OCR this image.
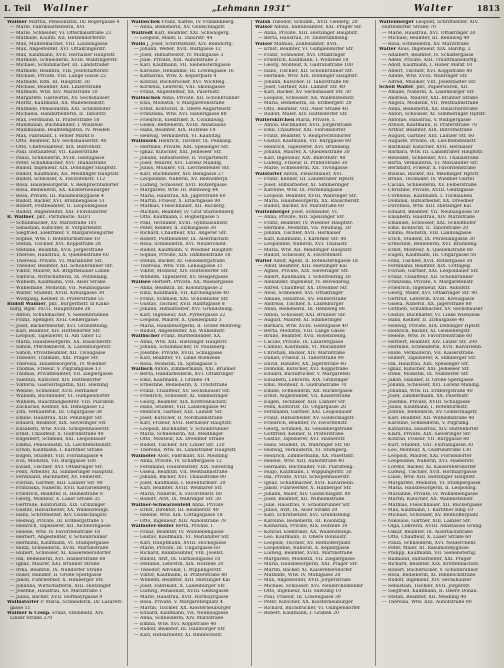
I. Teil Wallner	„Lehmann 1931“	Walter	1813
Wallner Martha, Pensionistin, IX/ Rögergasse 4
— Marie, Fabriksarbeiterin, XVI.
— Marie, Schneider, VI. Otterhalsstraße 23
— Mathilde, Kaufm. XII. Hetzendorferstr.
— Max, Mantelmacher, VIII. Laudongasse
— Max, Angestellter, XVI. Ottakringerstr.
— Max, Kaufmann, XVII. Hernalser Hauptstr.
— Mathilde, Schneiderin, XVIII. Währingerstr.
— Michael, Schuhmacher, III. Landstraßer
— Mathilde, Beamtin, VIII. Josefstädterstr.
— Michael, Private, VIII. Lange Gasse 22
— Mathilde, Kfm. III. Hauptstr. 30
— Michael, Beamter, XIII. Linzerstraße
— Mathilde, Wtw. XIV. Märzstraße 10
— Margarete, Gastwirtin, XV. Sechshauser
— Moritz, Kaufmann, XX. Wallensteinstr.
— Mathilde, Pensionistin, XXI. Schloßhofer
— Michaela, Handarbeiterin, II. Taborstr.
— Max, Ferdinand, II. Praterstraße 18
— Maximilian, Buchhändler, I. Wollzeile
— Maximiliane, Beamtengattin, IV. Wieden
— Max, Fabrikant, I. Hoher Markt 8
— Otto, Beamter, XIV. Sechshauserstr. 40
— Otto, Chefredakteur, XIX. Billrothstr.
— Paul, Installateur, VII. Kaiserstraße
— Paula, Schneiderin, XVIII. Gentzgasse
— Peter, Schuhmacher, XVI. Thaliastraße
— Rudolf, Ingenieur, XIX. Döblinger Hauptstr.
— Rudolf, Kaufmann, XII. Meidlinger Hauptstr.
— Rudolf, Schlosser, X. Favoritenstr. 112
— Rosa, Hausbesorgerin, V. Reinprechtsdorfer
— Rosa, Bedienerin, XX. Klosterneuburger
— Rosa, Private, III. Rasumofskygasse 4
— Rudolf, Bäcker, XVI. Brunnengasse 51
— Robert, Postbeamter, II. Leopoldsgasse
— Rudolf, Angestellter, XXI. Floridsdorfer
R. Wallner, pkr., Parfümerie, XIII/1
— Schuhmacher, XV. Märzstraße 101
— Sebastian, Kutscher, II. Vorgartenstr.
— Siegfried, Elektriker, V. Margaretengürtel
— Sophie, Wtw. I. Rotenturmstraße 10
— Stefan, Tischler, XVI. Koppstraße 28
— Stefanie, Beamtin, XVII. Jörgerstraße
— Therese, Hausfrau, X. Quellenstraße 60
— Theresia, Private, VI. Mariahilfer Str.
— Theodor, Beamter, XII. Schönbrunner Str.
— Viktor, Maurer, XX. Brigittenauer Lände
— Viktoria, Wirtschafterin, IX. Porzellang.
— Wilhelm, Kaufmann, VIII. Alser Straße
— Wilhelmine, Modistin, VII. Neubaugasse
— Walter, Student, XVIII. Kreuzgasse 30
— Wolfgang, Kellner, II. Praterstraße 55
Rudolf Wallner, pkr., Bürgermstr. in Kalks-
burg, Bgld. 30/31, Hauptstraße 26
— Anton, Schuhmacher, V. Siebenbrunnen
— Franz, Spengler, XVII. Geblergasse
— Josef, Bäckermeister, XVI. Grundsteing.
— Karl, Beamter, XIV. Hütteldorfer Str.
— Leopold, Tapezierer, II. Am Tabor 12
— Maria, Hausbesorgerin, XX. Rauscherstr.
— Simon, Pferdeknecht, X. Laxenburgerstr.
— Simon, Privatbeamter, XII. Tivoligasse
— Theodor, Trafikant, XXI. Prager Str.
— Theresia, Hausbesorgerin, IV. Wiedner
— Thomas, Friseur, V. Pilgramgasse 13
— Thomas, Privatbeamter, VII. Zieglergasse
— Valentin, Kutscher, XIV. Hütteldorfer
— Viktoria, Gastwirtsgattin, XIII. Hietzing
— Wenzel, Schneider, XVII. Hernalser
— Wilhelm, Buchbinder, VI. Gumpendorfer
— Wilhelm, Rauchfangkehrer, VIII. Piaristen
— Zacharias, Kellner, XX. Denisgasse 12
— Zita, Verkäuferin, III. Ungargasse 38
— Emilie, Hausfrau, XIII. Penzinger Str.
— Eduard, Beamter, XIX. Sieveringer Str.
— Elisabeth, Wtw. XVIII. Schopenhauerstr.
— Ernst, Chauffeur, X. Gudrunstraße 40
— Engelbert, Schmied, XXI. Leopoldauer
— Emma, Pensionistin, IX. Liechtensteinstr.
— Erwin, Kaufmann, I. Kärntner Straße
— Eugen, Student, VIII. Florianigasse 4
— Eva, Modistin, VII. Burggasse 100
— Ewald, Tischler, XVI. Ottakringer Str.
— Felix, Arbeiter, XI. Simmeringer Hauptstr.
— Ferdinand, Buchhalter, XV. Felberstr.
— Florian, Gärtner, XIII. Lainzer Str. 90
— Franziska, Näherin, XVII. Kalvarienberg
— Friedrich, Beamter, II. Heinestraße 8
— Georg, Monteur, X. Laaer Straße 35
— Gertrude, Kontoristin, XIX. Grinzinger
— Gustav, Hilfsarbeiter, XX. Wallensteinpl.
— Hans, Schriftsetzer, XIV. Goldschlagstr.
— Hedwig, Private, III. Erdbergstraße 5
— Heinrich, Tapezierer, XII. Aichhorngasse
— Helene, Wtw. IV. Favoritenstraße 18
— Herbert, Angestellter, V. Schönbrunner
— Hermann, Kaufmann, VI. Stumpergasse
— Hilda, Schneiderin, XVIII. Martinstraße
— Hubert, Schlosser, XI. Kaiserebersdorfer
— Ida, Bedienerin, XVI. Hasnerstraße 60
— Ignaz, Maurer, XXI. Brünner Straße
— Irma, Beamtin, IX. Nußdorfer Straße
— Isidor, Händler, II. Große Sperlgasse
— Jakob, Fuhrwerker, X. Himberger Str.
— Johanna, Wirtschafterin, XIII. Hietzinger
— Josefine, Hausfrau, XV. Märzstraße 1
— Julius, Bäcker, XVII. Hormayrgasse 9
Wallnstorfer P. Maria, Schneiderin, IX/ Lazarett-
gasse 11
Wallner & Comp. Franz, Steinmetz, XIV.
Linzer Straße 270
Walloschek Franz, Kaffee, IV. Frankenberg.
— Anna, Bedienerin, XV. Goldschlagstr.
Wallrodt Karl, Beamter, XXI. Schwaigerg.
— Leopold, Maler, II. Taborstr. 44
Wallo J. Josef, Schriftsetzer, XIV. Reindorfg.
— Johann, Weber, XVII. Wattgasse 12
— Josef, Hilfsarbeiter, IV. Mühlgasse 3
— Julie, Private, XIII. Auhofstraße 2
— Karl, Kaufmann, VII. Siebensterngasse
— Karoline, Hebamme, III. Löwengasse 16
— Katharina, Wtw. X. Keplerplatz 4
— Konrad, Buchdrucker, XVI. Wichtelg.
— Kornelia, Lehrerin, VIII. Skodagasse
— Franz, Angestellter, XX. Pasettistr.
Walluschek Anna, Private, XII. Schönbrunner
— Elsa, Modistin, V. Margaretenstraße
— Ernst, Kontorist, II. Obere Augartenstr.
— Franziska, Wtw. XVI. Haberlgasse 88
— Friedrich, Elektriker, X. Columbusg.
— Gisela, Bedienerin, XVIII. Anastasius
— Hans, Beamter, XIX. Hofzeile 14
— Hedwig, Verkäuferin, VI. Kaunitzg.
Walluszek Heinrich, Tischler, IX. Pelikang.
— Hermine, Private, XIII. Speisinger Str.
— Ignaz, Kutscher, XXI. Jedleseer Str.
— Johann, Hilfsarbeiter, II. Vorgartenstr.
— Josef, Maurer, XVI. Lorenz Mandlg.
— Julius, Musiker, VII. Lerchenfelder Str.
— Karl, Buchbinder, XIV. Beingasse 27
— Leopoldine, Näherin, XV. Reithofferpl.
— Ludwig, Schlosser, XVII. Rötzergasse
— Margarete, Wtw. III. Rennweg 44
— Maria, Hausfrau, XX. Jägerstraße 60
— Martin, Friseur, X. Erlachgasse 90
— Mathias, Fleischhauer, XII. Ruckerg.
— Michael, Beamter, IV. Graf Starhemberg
— Otto, Kaufmann, I. Bognergasse 5
— Paul, Techniker, XVIII. Gymnasiumstr.
— Peter, Kellner, II. Zirkusgasse 30
— Richard, Chauffeur, XXI. Angerer Str.
— Robert, Postbeamter, IX. Alserbachstr.
— Rosa, Schneiderin, XVI. Neulerchenf.
— Rudolf, Kaufmann, V. Wiedner Hauptstr.
— Sophie, Private, XIX. Himmelstraße 18
— Stefan, Bäcker, XI. Geiselbergstraße
— Theresia, Wtw. VIII. Lenaugasse 11
— Viktor, Monteur, XIV. Hütteldorfer Str.
— Wilhelm, Tapezierer, XV. Stiegergasse
Wallsee Herbert, Private, XX. Wasnergasse
— Anna, Beamtin, III. Kolonitzgasse 2
— Emil, Kaufmann, VII. Kirchengasse 40
— Franz, Schmied, XXI. Schloßhofer Str.
— Gustav, Tischler, XVII. Ranftlgasse 8
— Johann, Hilfsarbeiter, XVI. Grundsteing.
— Karl, Ingenieur, XIX. Pyrkergasse 22
— Leopold, Maurer, X. Quellenplatz 3
— Maria, Hausbesorgerin, II. Große Mohreng.
— Rudolf, Angestellter, XII. Wilhelmstr.
Wallfischer Franz, Bürstenbinder, XX.
— Anna, Wtw. XIII. Hietzinger Hauptstr.
— Johann, Schuhmacher, IV. Paulanerg.
— Josefine, Private, XVIII. Schulgasse
— Karl, Beamter, VI. Linke Wienzeile
— Rosa, Modistin, IX. Spitalgasse 5
Wallisch Anton, Zimmermann, XXI. Brünner
— Berta, Handarbeiterin, XVI. Ottakringer
— Emil, Kaufmann, I. Graben 14
— Ernestine, Bedienerin, X. Troststraße
— Franz, Chauffeur, XV. Sechshauser Str.
— Friedrich, Schlosser, XI. Simmeringer
— Georg, Beamter, XIX. Krottenbachstr.
— Hans, Student, VIII. Laudongasse 40
— Heinrich, Gärtner, XIII. Lainzer Str.
— Josef, Kutscher, II. Nordbahnstraße
— Karl, Friseur, XVII. Hernalser Hauptstr.
— Leopold, Buchhalter, V. Schönbrunner
— Maria, Schneiderin, XII. Meidlinger
— Otto, Monteur, XX. Dresdner Straße
— Rudolf, Tischler, XIV. Linzer Str. 120
— Theresia, Wtw. III. Landstraßer Hauptstr.
Wallnöfer Alois, Fabrikant, XII. Meidling
— Anna, Private, IV. Schäffergasse 12
— Ferdinand, Hausbesitzer, XIX. Sievering
— Gisela, Beamtin, VII. Westbahnstraße
— Johann, Bäcker, XVI. Thaliastraße 80
— Josef, Kaufmann, I. Rotenturmstr. 20
— Karl, Beamter, XVIII. Weimarer Str.
— Maria, Näherin, X. Favoritenstr. 60
— Robert, Arzt, IX. Währinger Str. 30
Wallner-Schwarzenfeld Anna, Private
— Ernst, Direktor, III. Reisnerstr. 40
— Helene, Wtw. XIX. Cottagegasse 18
— Otto, Ingenieur, XIII. Auhofstraße 78
Wallnöfer-Heller Berta, Private, I.
— Franz, Beamter, IV. Wohllebengasse
— Gustav, Kaufmann, VI. Mariahilfer Str.
— Karl, Hauptmann, XVIII. Hockegasse
— Marie, Private, III. Ungargasse 60
— Richard, Bankbeamter, VIII. Josefst.
— Rudolf, Arzt, IX. Garnisongasse 10
— Stefanie, Lehrerin, XIX. Hofzeile 20
— Theodor, Advokat, I. Wipplingerstr.
— Viktor, Kaufmann, II. Praterstraße 40
— Wilhelm, Beamter, XIII. Hietzinger Kai
— Josef, Fabrikant, X. Laxenburger Str.
— Ludwig, Pensionist, XVIII. Gentzgasse
— Marie, Hausfrau, XVII. Hormayrgasse
— Rosa, Private, V. Margaretenplatz 4
— Martin, Tischler, XX. Klosterneuburger
— Eduard, Kaufmann, VII. Neubaugasse
— Anna, Schneiderin, XIV. Märzstraße
— Emma, Wtw. XVI. Koppstraße 40
— Rudolf, Beamter, III. Hainburger Str.
— Karl, Hilfsarbeiter, XI. Rinnböckstr.
Walsh Theodor, Schuhm., XVII. Geblerg. 20
Walser Alfons, Bahnbeamter, XXI. Prager Str.
— Anna, Private, XIII. Hietzinger Hauptstr.
— Berta, Hausfrau, IV. Taubstummeng.
Walser Mathias, Zollbeamter, XVII.
— Ernst, Beamter, VI. Gumpendorfer Str.
— Franz, Schneider, XVI. Ottakringer
— Friedrich, Kaufmann, I. Wollzeile 18
— Georg, Monteur, X. Gudrunstraße 100
— Hans, Tischler, XII. Schönbrunner Str.
— Hermine, Wtw. XIX. Döblinger Hauptstr.
— Johann, Kutscher, II. Taborstraße 60
— Josef, Gärtner, XIII. Lainzer Str. 40
— Karl, Bäcker, XV. Sechshauser Str. 30
— Leopold, Schlosser, XX. Wallensteinstr.
— Maria, Bedienerin, III. Erdbergstr. 20
— Otto, Beamter, VIII. Alser Straße 40
— Rudolf, Maler, XIV. Hütteldorfer Str.
Walterskirchen Maria, Private, I.
— Anton, Buchhalter, XVII. Jörgerstraße
— Emil, Chauffeur, XXI. Floridsdorfer
— Franz, Beamter, V. Reinprechtsdorfer
— Gustav, Kaufmann, VII. Burggasse 60
— Heinrich, Tapezierer, XVI. Brunneng.
— Johann, Maurer, X. Quellenstraße 30
— Karl, Ingenieur, XIX. Billrothstr. 40
— Ludwig, Friseur, II. Praterstraße 30
— Marie, Schneiderin, XII. Tivoligasse
Walstorfer Anton, Fleischhauer, XVI.
— Franz, Kellner, III. Landstraßer Hptstr.
— Josef, Hilfsarbeiter, XI. Simmeringer
— Karoline, Wtw. IX. Porzellangasse
— Leopold, Beamter, XVIII. Währinger Str.
— Maria, Hausbesorgerin, XX. Rauscherstr.
— Rudolf, Bäcker, XV. Märzstraße 60
Waltenberger Josef, Schneider, VI.
— Anna, Private, XIII. Speisinger Str.
— Franz, Beamter, IV. Wiedner Hauptstr.
— Hermine, Modistin, VII. Neubaug. 30
— Johann, Tischler, XVII. Hernalser
— Karl, Kaufmann, I. Kärntner Str. 40
— Leopoldine, Näherin, XVI. Thaliastr.
— Maria, Wtw. XII. Meidlinger Hauptstr.
— Rudolf, Schlosser, X. Favoritenstr.
Walter Adolf, Agent, II. Rotensterngasse 18
— Adolf, Beamter, XIII. Hietzinger Kai
— Agnes, Private, XIX. Sieveringer Str.
— Albert, Kaufmann, I. Schottenring 30
— Alexander, Ingenieur, IV. Belvedereg.
— Alfred, Chauffeur, XX. Dresdner Str.
— Alois, Schneider, XVI. Ottakringer
— Amalie, Hausfrau, XV. Felberstraße
— Andreas, Tischler, X. Laxenburger
— Anna, Bedienerin, III. Rennweg 88
— Anton, Schlosser, XXI. Brünner Str.
— August, Maurer, XI. Simmeringer
— Barbara, Wtw. XVIII. Gentzgasse 40
— Berta, Modistin, VIII. Lange Gasse
— Bruno, Beamter, XVII. Rosensteing.
— Cäcilie, Private, IX. Lazarettgasse
— Camillo, Kaufmann, VI. Mariahilfer
— Christian, Bäcker, XIV. Märzstraße
— Daniel, Friseur, II. Taborstraße 90
— David, Händler, XX. Jägerstraße 40
— Dominik, Kutscher, XVI. Koppstraße
— Eduard, Buchdrucker, V. Margareten
— Elisabeth, Lehrerin, XIX. Grinzinger
— Emil, Monteur, X. Gudrunstraße 70
— Emilie, Schneiderin, XII. Ruckergasse
— Ernst, Angestellter, VII. Kaiserstraße
— Eugen, Techniker, XIII. Lainzer Str.
— Felix, Kontorist, III. Ungargasse 20
— Ferdinand, Gärtner, XXI. Leopoldauer
— Franz, Hilfsarbeiter, XV. Goldschlagstr.
— Friedrich, Beamter, IV. Favoritenstr.
— Georg, Schmied, XI. Geiselbergstraße
— Gottfried, Kellner, II. Praterstraße
— Gustav, Tapezierer, XVI. Hasnerstr.
— Hans, Student, IX. Währinger Str. 60
— Hedwig, Verkäuferin, VI. Stumperg.
— Heinrich, Zimmermann, XX. Pasettistr.
— Helene, Wtw. XIII. Auhofstraße 40
— Hermann, Buchhalter, VIII. Piaristeng.
— Hugo, Kaufmann, I. Wipplingerstr. 30
— Ida, Private, XVIII. Schopenhauerstr.
— Ignaz, Schuhmacher, XVII. Kalvarienb.
— Jakob, Fuhrwerker, X. Himberger Str.
— Johann, Maler, XIV. Goldschlagstr. 80
— Josef, Beamter, XII. Wilhelmstraße
— Julie, Hausfrau, V. Schönbrunner Str.
— Julius, Arzt, IX. Alser Straße 20
— Karl, Schriftsetzer, XVI. Grundsteing.
— Karoline, Bedienerin, III. Kolonitzg.
— Katharina, Private, XIX. Hofzeile 30
— Konrad, Elektriker, XX. Wallensteinpl.
— Leo, Kaufmann, II. Obere Donaustr.
— Leopold, Tischler, XV. Reithofferplatz
— Leopoldine, Näherin, X. Keplergasse
— Ludwig, Beamter, XVIII. Martinstraße
— Margarete, Modistin, VII. Zieglergasse
— Maria, Hausbesorgerin, XXI. Prager Str.
— Martin, Bäcker, XI. Kaiserebersdorfer
— Mathilde, Wtw. IV. Mühlgasse 20
— Max, Angestellter, XVII. Jörgerstraße
— Michael, Schlosser, XVI. Neulerchenfelder
— Otto, Ingenieur, XIII. Hietzing 10
— Paul, Friseur, III. Löwengasse 30
— Peter, Kutscher, XX. Klosterneuburger
— Richard, Buchdrucker, VI. Gumpendorfer
— Robert, Kaufmann, I. Graben 20
Waltenberger Leopold, Schriftsetzer, XIV.
Hütteldorfer Straße 70
— Marie, Hausfrau, XVI. Ottakringer 30
— Michael, Beamter, III. Rennweg 40
— Rosa, Schneiderin, XV. Märzstraße
Walter Alois, Ingenieur, XIX. Hardtg. 2
— Adalbert, Beamter, IV. Schäffergasse
— Adele, Private, XIII. Trauttmansdorffg.
— Adolf, Kaufmann, I. Hoher Markt 10
— Albert, Tischler, XVI. Koppstraße 80
— Albine, Wtw. XVIII. Währinger Str.
— Alfred, Musiker, VIII. Josefstädter Str.
Schell Walter, pkr., Papierwaren, XII.
— Amalie, Näherin, X. Laxenburger Str.
— Andreas, Maurer, XXI. Brünner Straße
— Angela, Modistin, VII. Westbahnstraße
— Anna, Bedienerin, XX. Rauscherstraße
— Anton, Schlosser, XI. Simmeringer Hptstr.
— Antonie, Hausfrau, V. Rüdigergasse
— Arnold, Kaufmann, II. Praterstraße 70
— Arthur, Beamter, XIX. Billrothstraße
— August, Gärtner, XIII. Lainzer Str. 60
— Auguste, Private, IX. Liechtensteinstr.
— Balthasar, Kutscher, XVII. Hernalser
— Barbara, Wtw. III. Landstraßer Hauptstr.
— Benedikt, Schneider, XVI. Thaliastraße
— Berta, Verkäuferin, VI. Mariahilfer Str.
— Bernhard, Friseur, X. Favoritenstraße
— Blasius, Bäcker, XII. Meidlinger Hptstr.
— Bruno, Techniker, IV. Wiedner Gürtel
— Cäcilia, Schneiderin, XV. Felberstraße
— Christine, Private, XVIII. Gentzgasse
— Cornelius, Kaufmann, I. Tuchlauben
— Dominik, Hilfsarbeiter, XX. Dresdner
— Dorothea, Wtw. XIII. Hietzinger Kai
— Eduard, Beamter, VII. Neubaugasse 50
— Elisabeth, Hausfrau, XIV. Märzstraße
— Emanuel, Schlosser, XXI. Schloßhofer
— Emil, Kontorist, II. Taborstraße 20
— Emma, Modistin, VIII. Laudongasse
— Erich, Student, IX. Porzellangasse 30
— Ernestine, Bedienerin, XVI. Brunneng.
— Ernst, Monteur, X. Quellenstraße 80
— Eugen, Kaufmann, III. Ungargasse 50
— Felix, Tischler, XVII. Rötzergasse 30
— Ferdinand, Beamter, XIX. Cottageg.
— Florian, Gärtner, XXI. Leopoldauer Str.
— Franz, Chauffeur, XII. Schönbrunner
— Franziska, Private, V. Margaretenstr.
— Friedrich, Ingenieur, XIII. Auhofstr.
— Georg, Maler, XVI. Ottakringer Str. 90
— Gertrud, Lehrerin, XVIII. Kreuzgasse
— Gisela, Näherin, XX. Jägerstraße 80
— Gottlieb, Schuhmacher, XV. Sechshauser
— Gustav, Buchhalter, VI. Linke Wienzeile
— Hans, Kellner, II. Zirkusgasse 40
— Hedwig, Private, XIX. Döblinger Hptstr.
— Heinrich, Bäcker, XI. Geiselbergstr.
— Helene, Wtw. IV. Favoritenstraße 60
— Herbert, Beamter, XIV. Linzer Str. 200
— Hermine, Schneiderin, XVII. Kalvarienb.
— Hilde, Verkäuferin, VII. Kaiserstraße
— Hubert, Tapezierer, X. Himberger Str.
— Ida, Hausfrau, XIII. Speisinger Str.
— Ignaz, Kutscher, XXI. Jedleseer Str.
— Irene, Modistin, IX. Nußdorfer Str.
— Jakob, Händler, II. Große Sperlgasse
— Johann, Schlosser, XVI. Lorenz Mandlg.
— Johanna, Wtw. III. Erdbergstraße 40
— Josef, Zimmermann, XX. Pasettistr.
— Josefine, Private, XVIII. Schulgasse
— Julius, Kaufmann, I. Rotenturmstr.
— Justine, Bedienerin, XV. Goldschlagstr.
— Karl, Beamter, XII. Wilhelmstraße 40
— Karoline, Schneiderin, V. Pilgramg.
— Katharina, Hausfrau, XIV. Hütteldorfer
— Klara, Private, XIX. Sieveringer Str.
— Konrad, Friseur, VII. Burggasse 80
— Kurt, Student, VIII. Florianigasse 30
— Leo, Monteur, X. Gudrunstraße 130
— Leopold, Maurer, XXI. Floridsdorfer
— Leopoldine, Näherin, XVI. Hasnerstr.
— Lorenz, Bäcker, XI. Kaiserebersdorfer
— Ludwig, Tischler, XVII. Hormayrgasse
— Luise, Wtw. XIII. Hietzinger Hauptstr.
— Margarete, Modistin, VI. Stumpergasse
— Maria, Hausbesorgerin, II. Leopoldsg.
— Marianne, Private, IV. Wohllebengasse
— Martin, Kutscher, XX. Wallensteinstr.
— Mathias, Fleischhauer, XII. Ruckergasse
— Max, Kaufmann, I. Kärntner Ring 10
— Michael, Schlosser, XV. Reithofferplatz
— Nikolaus, Gärtner, XIII. Lainzer Str.
— Olga, Lehrerin, XVIII. Anastasius Grüng.
— Oskar, Beamter, IX. Alserbachstraße
— Otto, Chauffeur, X. Laaer Straße 60
— Paula, Schneiderin, XVI. Neulerchenf.
— Peter, Maler, III. Rasumofskygasse
— Philipp, Kaufmann, VII. Siebensterng.
— Raimund, Hilfsarbeiter, XXI. Prager
— Richard, Beamter, XIX. Krottenbachstr.
— Robert, Buchdrucker, V. Schönbrunner
— Rosa, Bedienerin, XI. Rinnböckstraße
— Rudolf, Ingenieur, XIV. Sechshauser
— Sebastian, Tischler, XVII. Jörgerstr.
— Siegfried, Kaufmann, II. Obere Donau.
— Stefan, Beamter, XII. Meidling 40
— Theresia, Wtw. XIII. Auhofstraße 90
